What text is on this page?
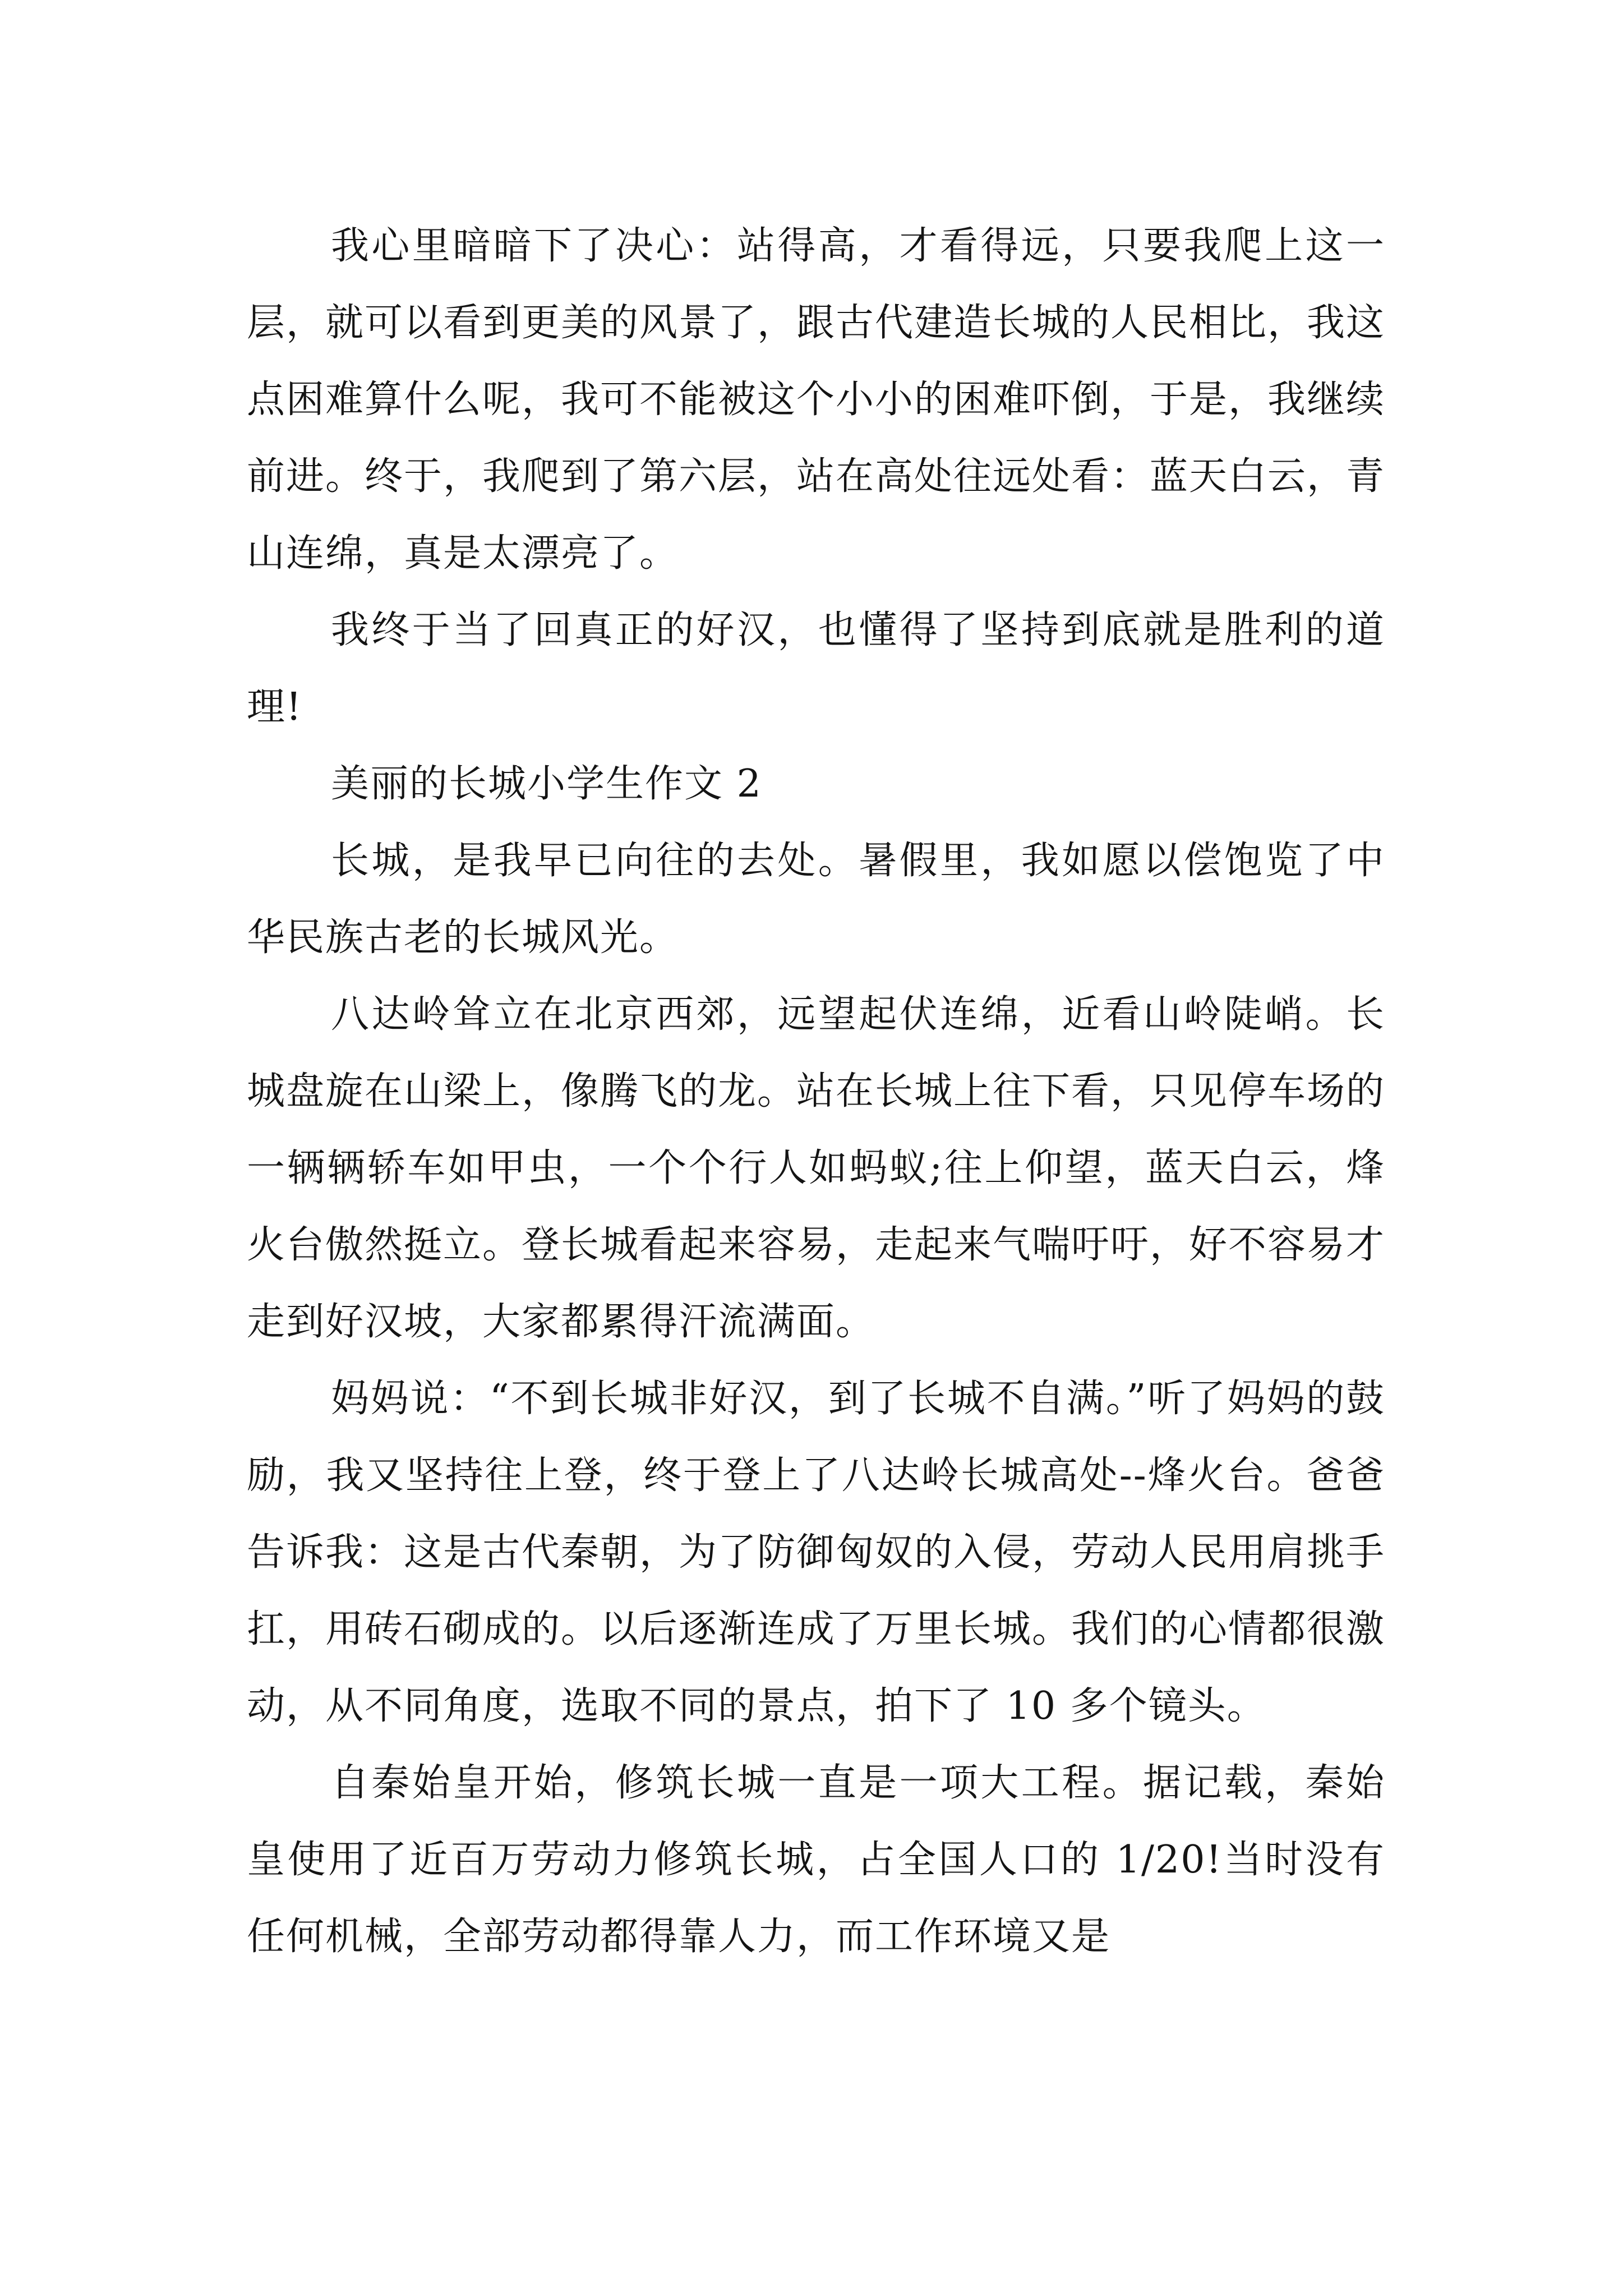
我心里暗暗下了决心：站得高，才看得远，只要我爬上这一层，就可以看到更美的风景了，跟古代建造长城的人民相比，我这点困难算什么呢，我可不能被这个小小的困难吓倒，于是，我继续前进。终于，我爬到了第六层，站在高处往远处看：蓝天白云，青山连绵，真是太漂亮了。

我终于当了回真正的好汉，也懂得了坚持到底就是胜利的道理!

美丽的长城小学生作文 2

长城，是我早已向往的去处。暑假里，我如愿以偿饱览了中华民族古老的长城风光。

八达岭耸立在北京西郊，远望起伏连绵，近看山岭陡峭。长城盘旋在山梁上，像腾飞的龙。站在长城上往下看，只见停车场的一辆辆轿车如甲虫，一个个行人如蚂蚁;往上仰望，蓝天白云，烽火台傲然挺立。登长城看起来容易，走起来气喘吁吁，好不容易才走到好汉坡，大家都累得汗流满面。

妈妈说：“不到长城非好汉，到了长城不自满。”听了妈妈的鼓励，我又坚持往上登，终于登上了八达岭长城高处--烽火台。爸爸告诉我：这是古代秦朝，为了防御匈奴的入侵，劳动人民用肩挑手扛，用砖石砌成的。以后逐渐连成了万里长城。我们的心情都很激动，从不同角度，选取不同的景点，拍下了 10 多个镜头。

自秦始皇开始，修筑长城一直是一项大工程。据记载，秦始皇使用了近百万劳动力修筑长城，占全国人口的 1/20!当时没有任何机械，全部劳动都得靠人力，而工作环境又是
